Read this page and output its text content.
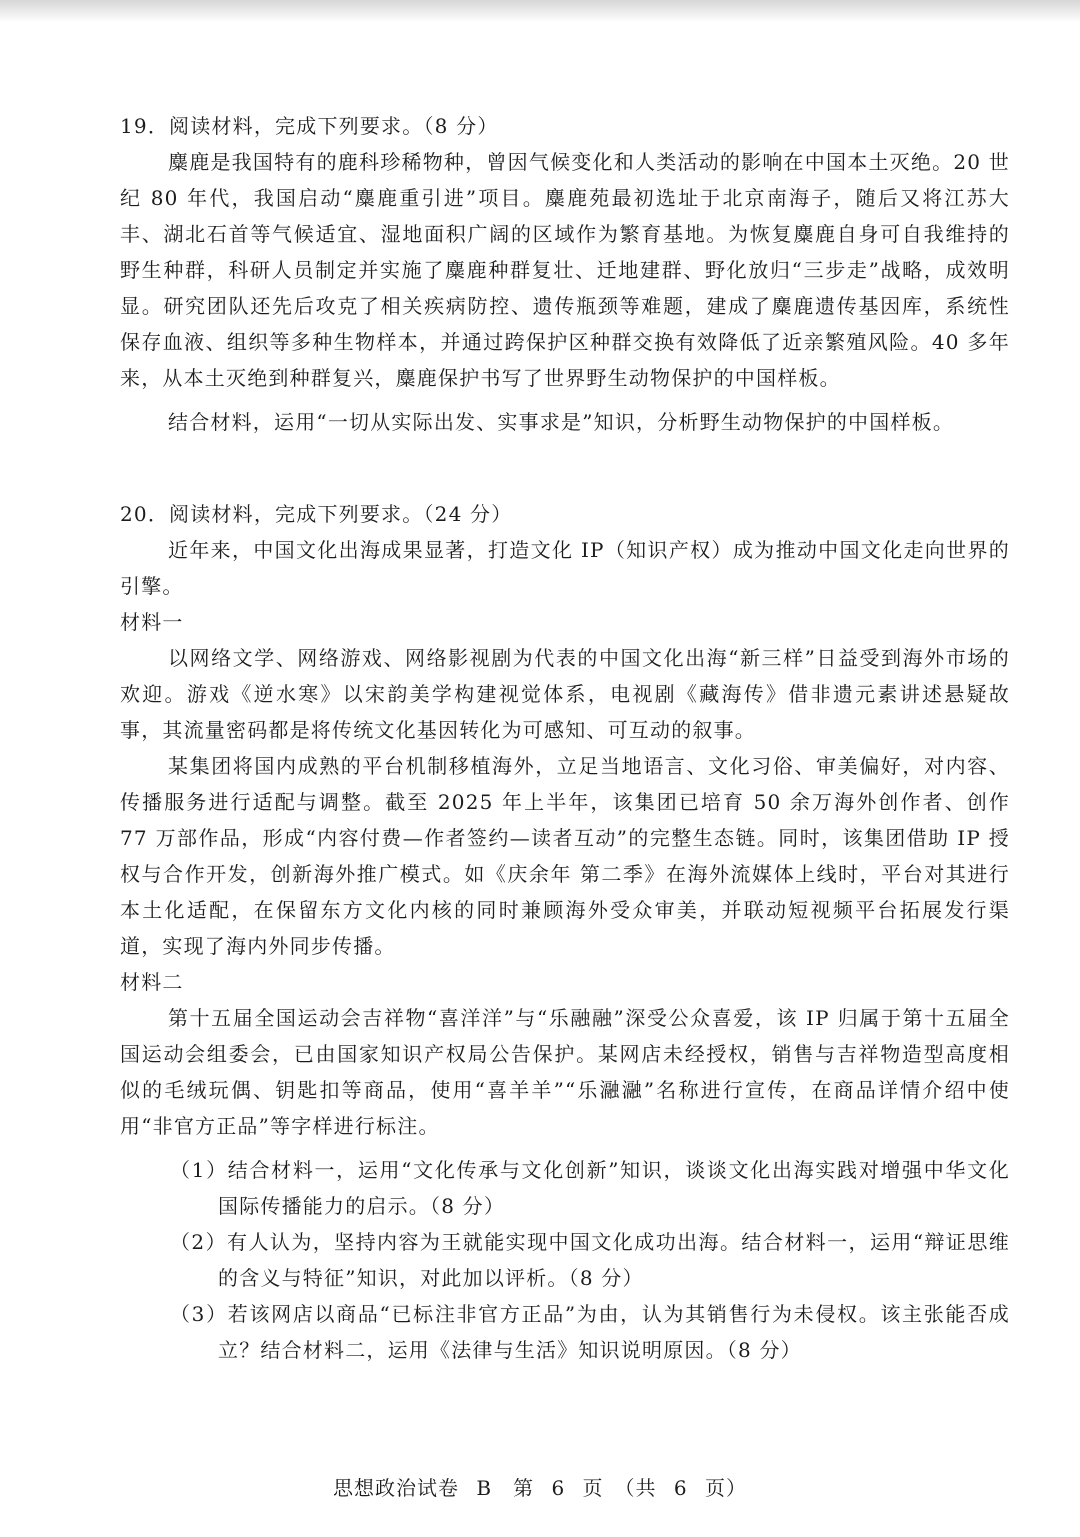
19．阅读材料，完成下列要求。（8 分）

麋鹿是我国特有的鹿科珍稀物种，曾因气候变化和人类活动的影响在中国本土灭绝。20 世纪 80 年代，我国启动“麋鹿重引进”项目。麋鹿苑最初选址于北京南海子，随后又将江苏大丰、湖北石首等气候适宜、湿地面积广阔的区域作为繁育基地。为恢复麋鹿自身可自我维持的野生种群，科研人员制定并实施了麋鹿种群复壮、迁地建群、野化放归“三步走”战略，成效明显。研究团队还先后攻克了相关疾病防控、遗传瓶颈等难题，建成了麋鹿遗传基因库，系统性保存血液、组织等多种生物样本，并通过跨保护区种群交换有效降低了近亲繁殖风险。40 多年来，从本土灭绝到种群复兴，麋鹿保护书写了世界野生动物保护的中国样板。

结合材料，运用“一切从实际出发、实事求是”知识，分析野生动物保护的中国样板。

20．阅读材料，完成下列要求。（24 分）

近年来，中国文化出海成果显著，打造文化 IP（知识产权）成为推动中国文化走向世界的引擎。

材料一

以网络文学、网络游戏、网络影视剧为代表的中国文化出海“新三样”日益受到海外市场的欢迎。游戏《逆水寒》以宋韵美学构建视觉体系，电视剧《藏海传》借非遗元素讲述悬疑故事，其流量密码都是将传统文化基因转化为可感知、可互动的叙事。

某集团将国内成熟的平台机制移植海外，立足当地语言、文化习俗、审美偏好，对内容、传播服务进行适配与调整。截至 2025 年上半年，该集团已培育 50 余万海外创作者、创作 77 万部作品，形成“内容付费—作者签约—读者互动”的完整生态链。同时，该集团借助 IP 授权与合作开发，创新海外推广模式。如《庆余年 第二季》在海外流媒体上线时，平台对其进行本土化适配，在保留东方文化内核的同时兼顾海外受众审美，并联动短视频平台拓展发行渠道，实现了海内外同步传播。

材料二

第十五届全国运动会吉祥物“喜洋洋”与“乐融融”深受公众喜爱，该 IP 归属于第十五届全国运动会组委会，已由国家知识产权局公告保护。某网店未经授权，销售与吉祥物造型高度相似的毛绒玩偶、钥匙扣等商品，使用“喜羊羊”“乐瀜瀜”名称进行宣传，在商品详情介绍中使用“非官方正品”等字样进行标注。

（1）结合材料一，运用“文化传承与文化创新”知识，谈谈文化出海实践对增强中华文化国际传播能力的启示。（8 分）

（2）有人认为，坚持内容为王就能实现中国文化成功出海。结合材料一，运用“辩证思维的含义与特征”知识，对此加以评析。（8 分）

（3）若该网店以商品“已标注非官方正品”为由，认为其销售行为未侵权。该主张能否成立？结合材料二，运用《法律与生活》知识说明原因。（8 分）

思想政治试卷 B　第 6 页　（共 6 页）
